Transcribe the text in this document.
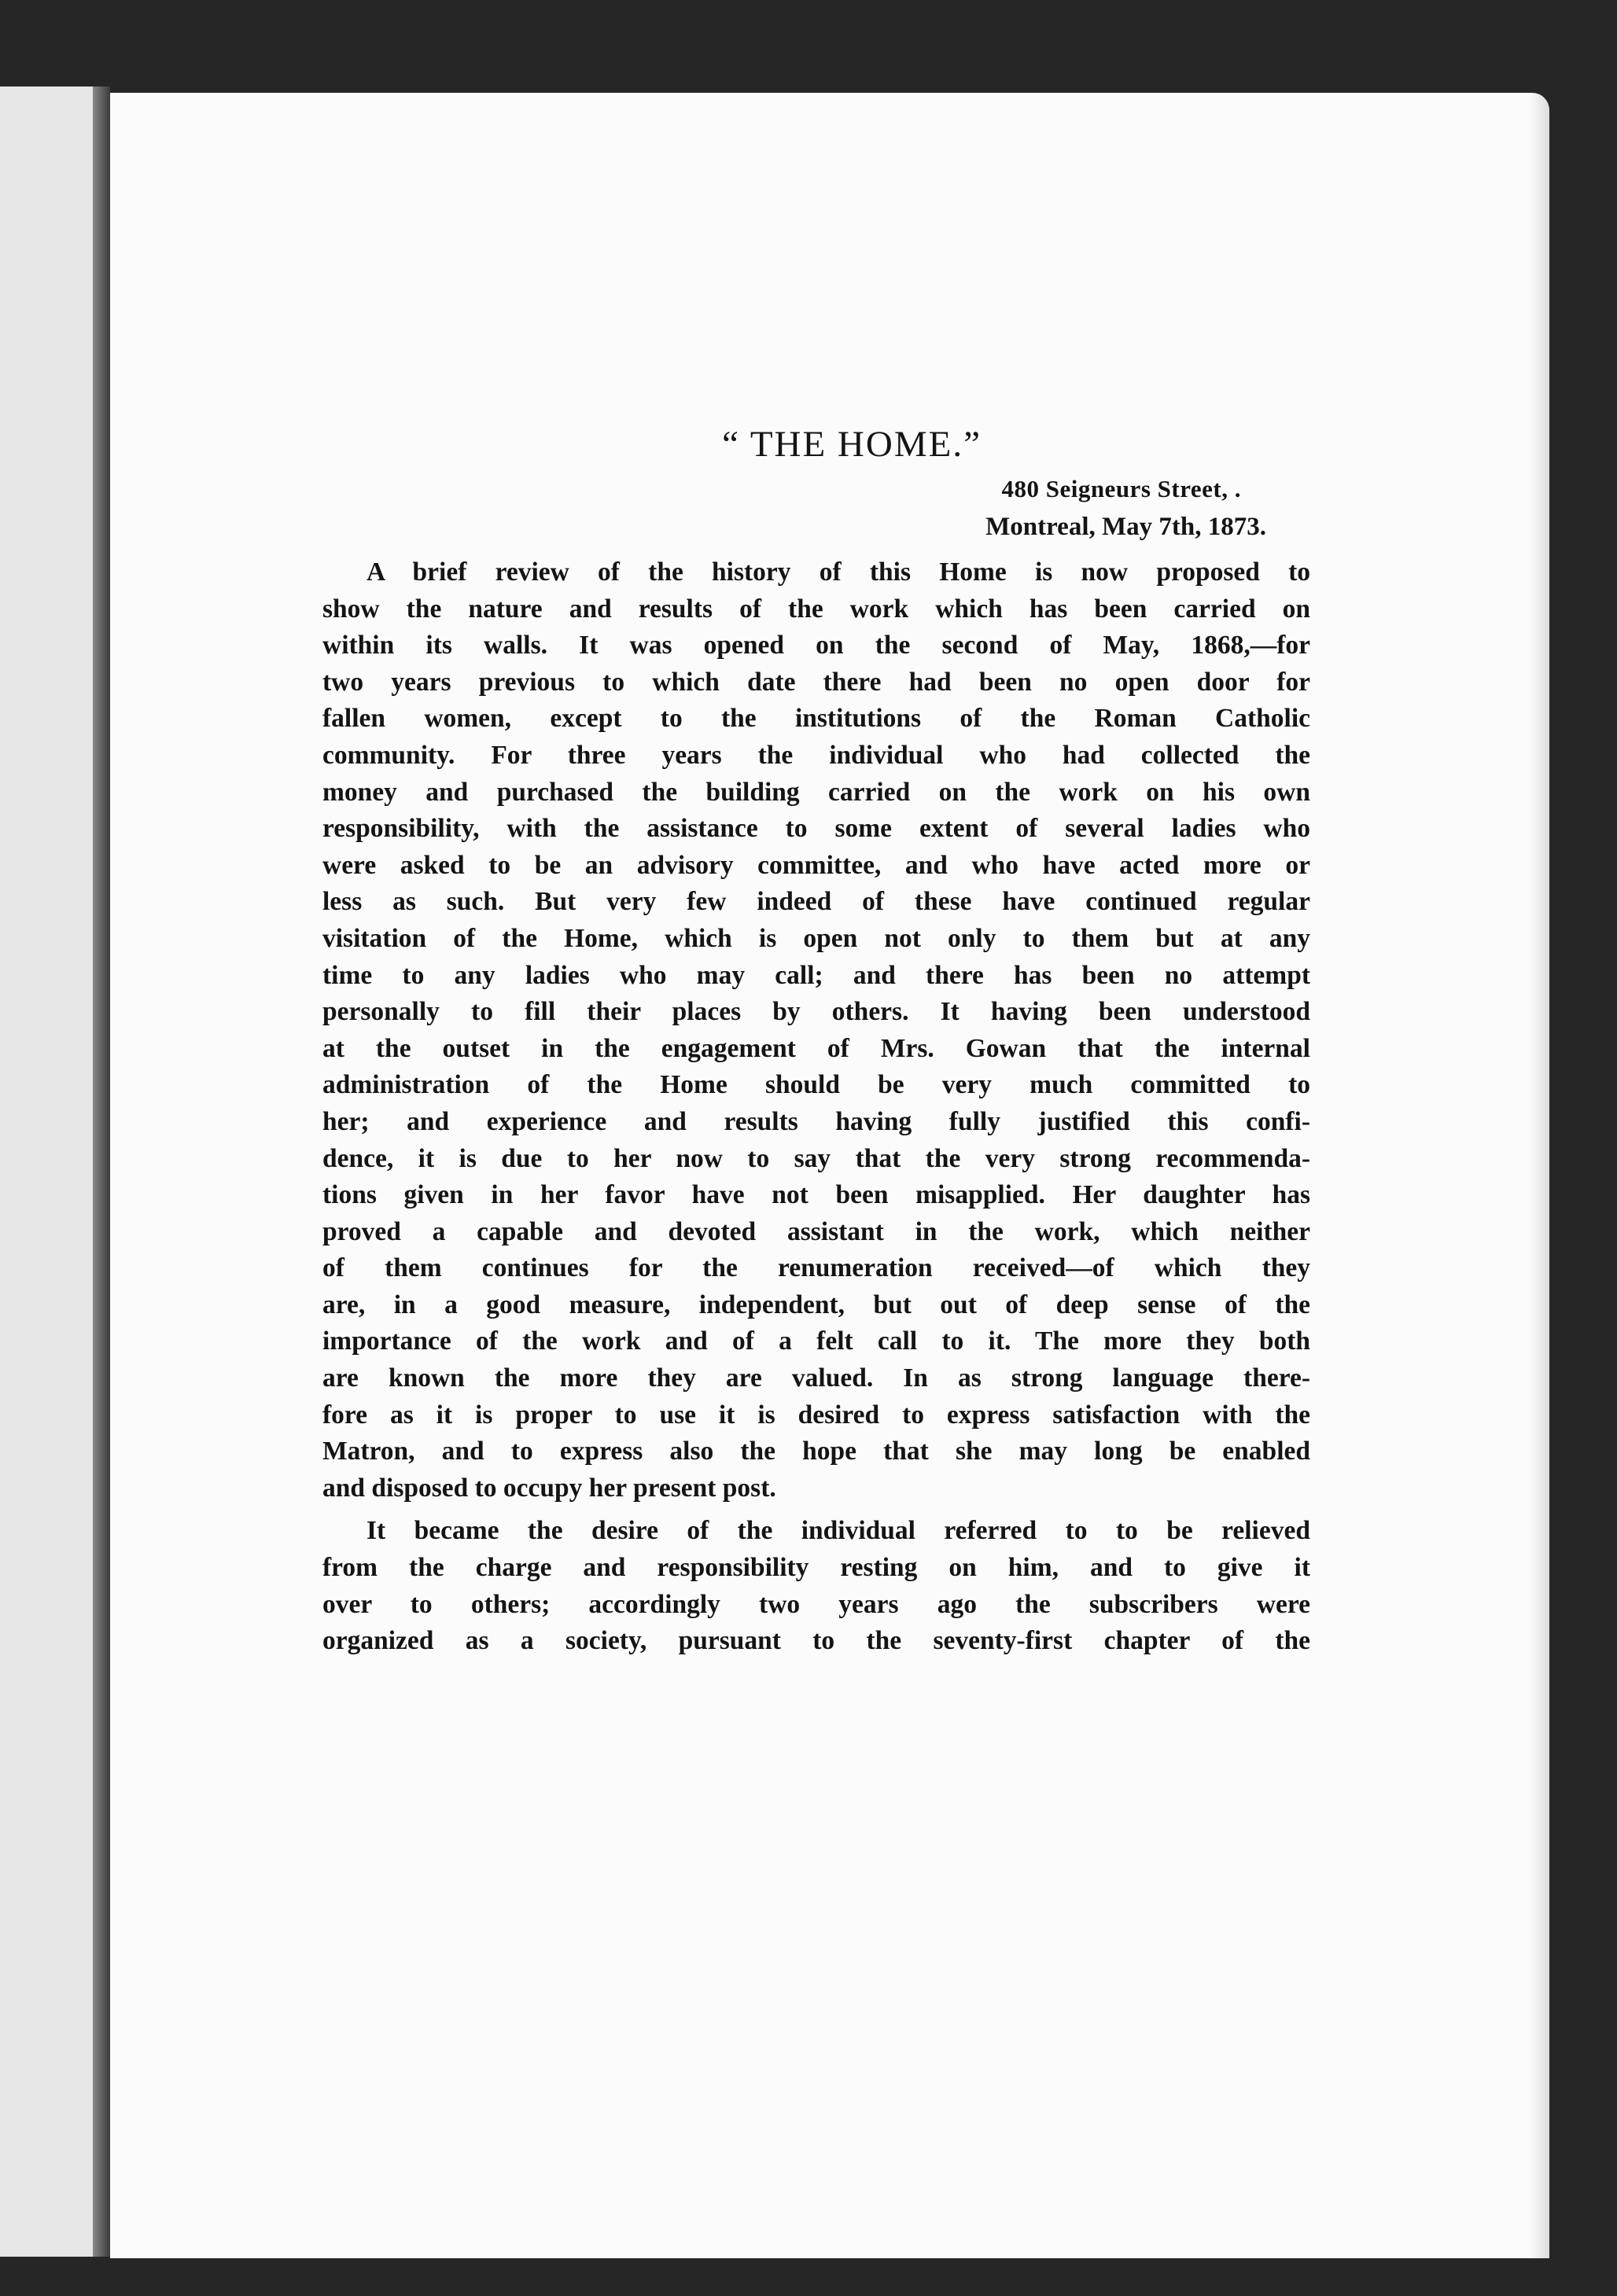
“ THE HOME.”
480 Seigneurs Street, .
Montreal, May 7th, 1873.
A brief review of the history of this Home is now proposed to
show the nature and results of the work which has been carried on
within its walls. It was opened on the second of May, 1868,—for
two years previous to which date there had been no open door for
fallen women, except to the institutions of the Roman Catholic
community. For three years the individual who had collected the
money and purchased the building carried on the work on his own
responsibility, with the assistance to some extent of several ladies who
were asked to be an advisory committee, and who have acted more or
less as such. But very few indeed of these have continued regular
visitation of the Home, which is open not only to them but at any
time to any ladies who may call; and there has been no attempt
personally to fill their places by others. It having been understood
at the outset in the engagement of Mrs. Gowan that the internal
administration of the Home should be very much committed to
her; and experience and results having fully justified this confi-
dence, it is due to her now to say that the very strong recommenda-
tions given in her favor have not been misapplied. Her daughter has
proved a capable and devoted assistant in the work, which neither
of them continues for the renumeration received—of which they
are, in a good measure, independent, but out of deep sense of the
importance of the work and of a felt call to it. The more they both
are known the more they are valued. In as strong language there-
fore as it is proper to use it is desired to express satisfaction with the
Matron, and to express also the hope that she may long be enabled
and disposed to occupy her present post.
It became the desire of the individual referred to to be relieved
from the charge and responsibility resting on him, and to give it
over to others; accordingly two years ago the subscribers were
organized as a society, pursuant to the seventy-first chapter of the
